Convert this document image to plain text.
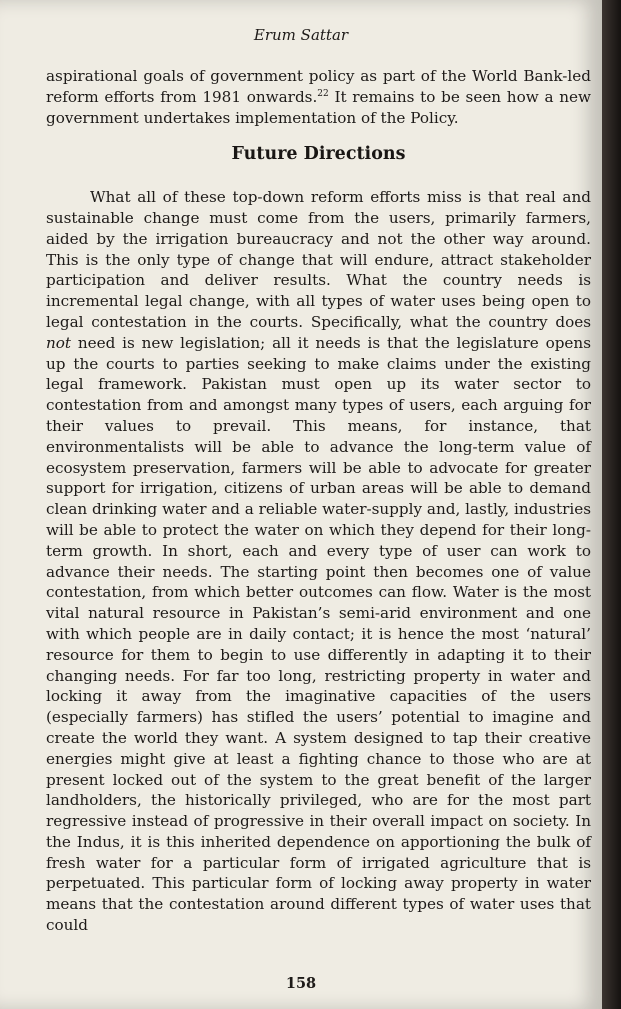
Erum Sattar

aspirational goals of government policy as part of the World Bank-led reform efforts from 1981 onwards.$^{22}$ It remains to be seen how a new government undertakes implementation of the Policy.

Future Directions

What all of these top-down reform efforts miss is that real and sustainable change must come from the users, primarily farmers, aided by the irrigation bureaucracy and not the other way around. This is the only type of change that will endure, attract stakeholder participation and deliver results. What the country needs is incremental legal change, with all types of water uses being open to legal contestation in the courts. Specifically, what the country does not need is new legislation; all it needs is that the legislature opens up the courts to parties seeking to make claims under the existing legal framework. Pakistan must open up its water sector to contestation from and amongst many types of users, each arguing for their values to prevail. This means, for instance, that environmentalists will be able to advance the long-term value of ecosystem preservation, farmers will be able to advocate for greater support for irrigation, citizens of urban areas will be able to demand clean drinking water and a reliable water-supply and, lastly, industries will be able to protect the water on which they depend for their long-term growth. In short, each and every type of user can work to advance their needs. The starting point then becomes one of value contestation, from which better outcomes can flow. Water is the most vital natural resource in Pakistan’s semi-arid environment and one with which people are in daily contact; it is hence the most ‘natural’ resource for them to begin to use differently in adapting it to their changing needs. For far too long, restricting property in water and locking it away from the imaginative capacities of the users (especially farmers) has stifled the users’ potential to imagine and create the world they want. A system designed to tap their creative energies might give at least a fighting chance to those who are at present locked out of the system to the great benefit of the larger landholders, the historically privileged, who are for the most part regressive instead of progressive in their overall impact on society. In the Indus, it is this inherited dependence on apportioning the bulk of fresh water for a particular form of irrigated agriculture that is perpetuated. This particular form of locking away property in water means that the contestation around different types of water uses that could

158
